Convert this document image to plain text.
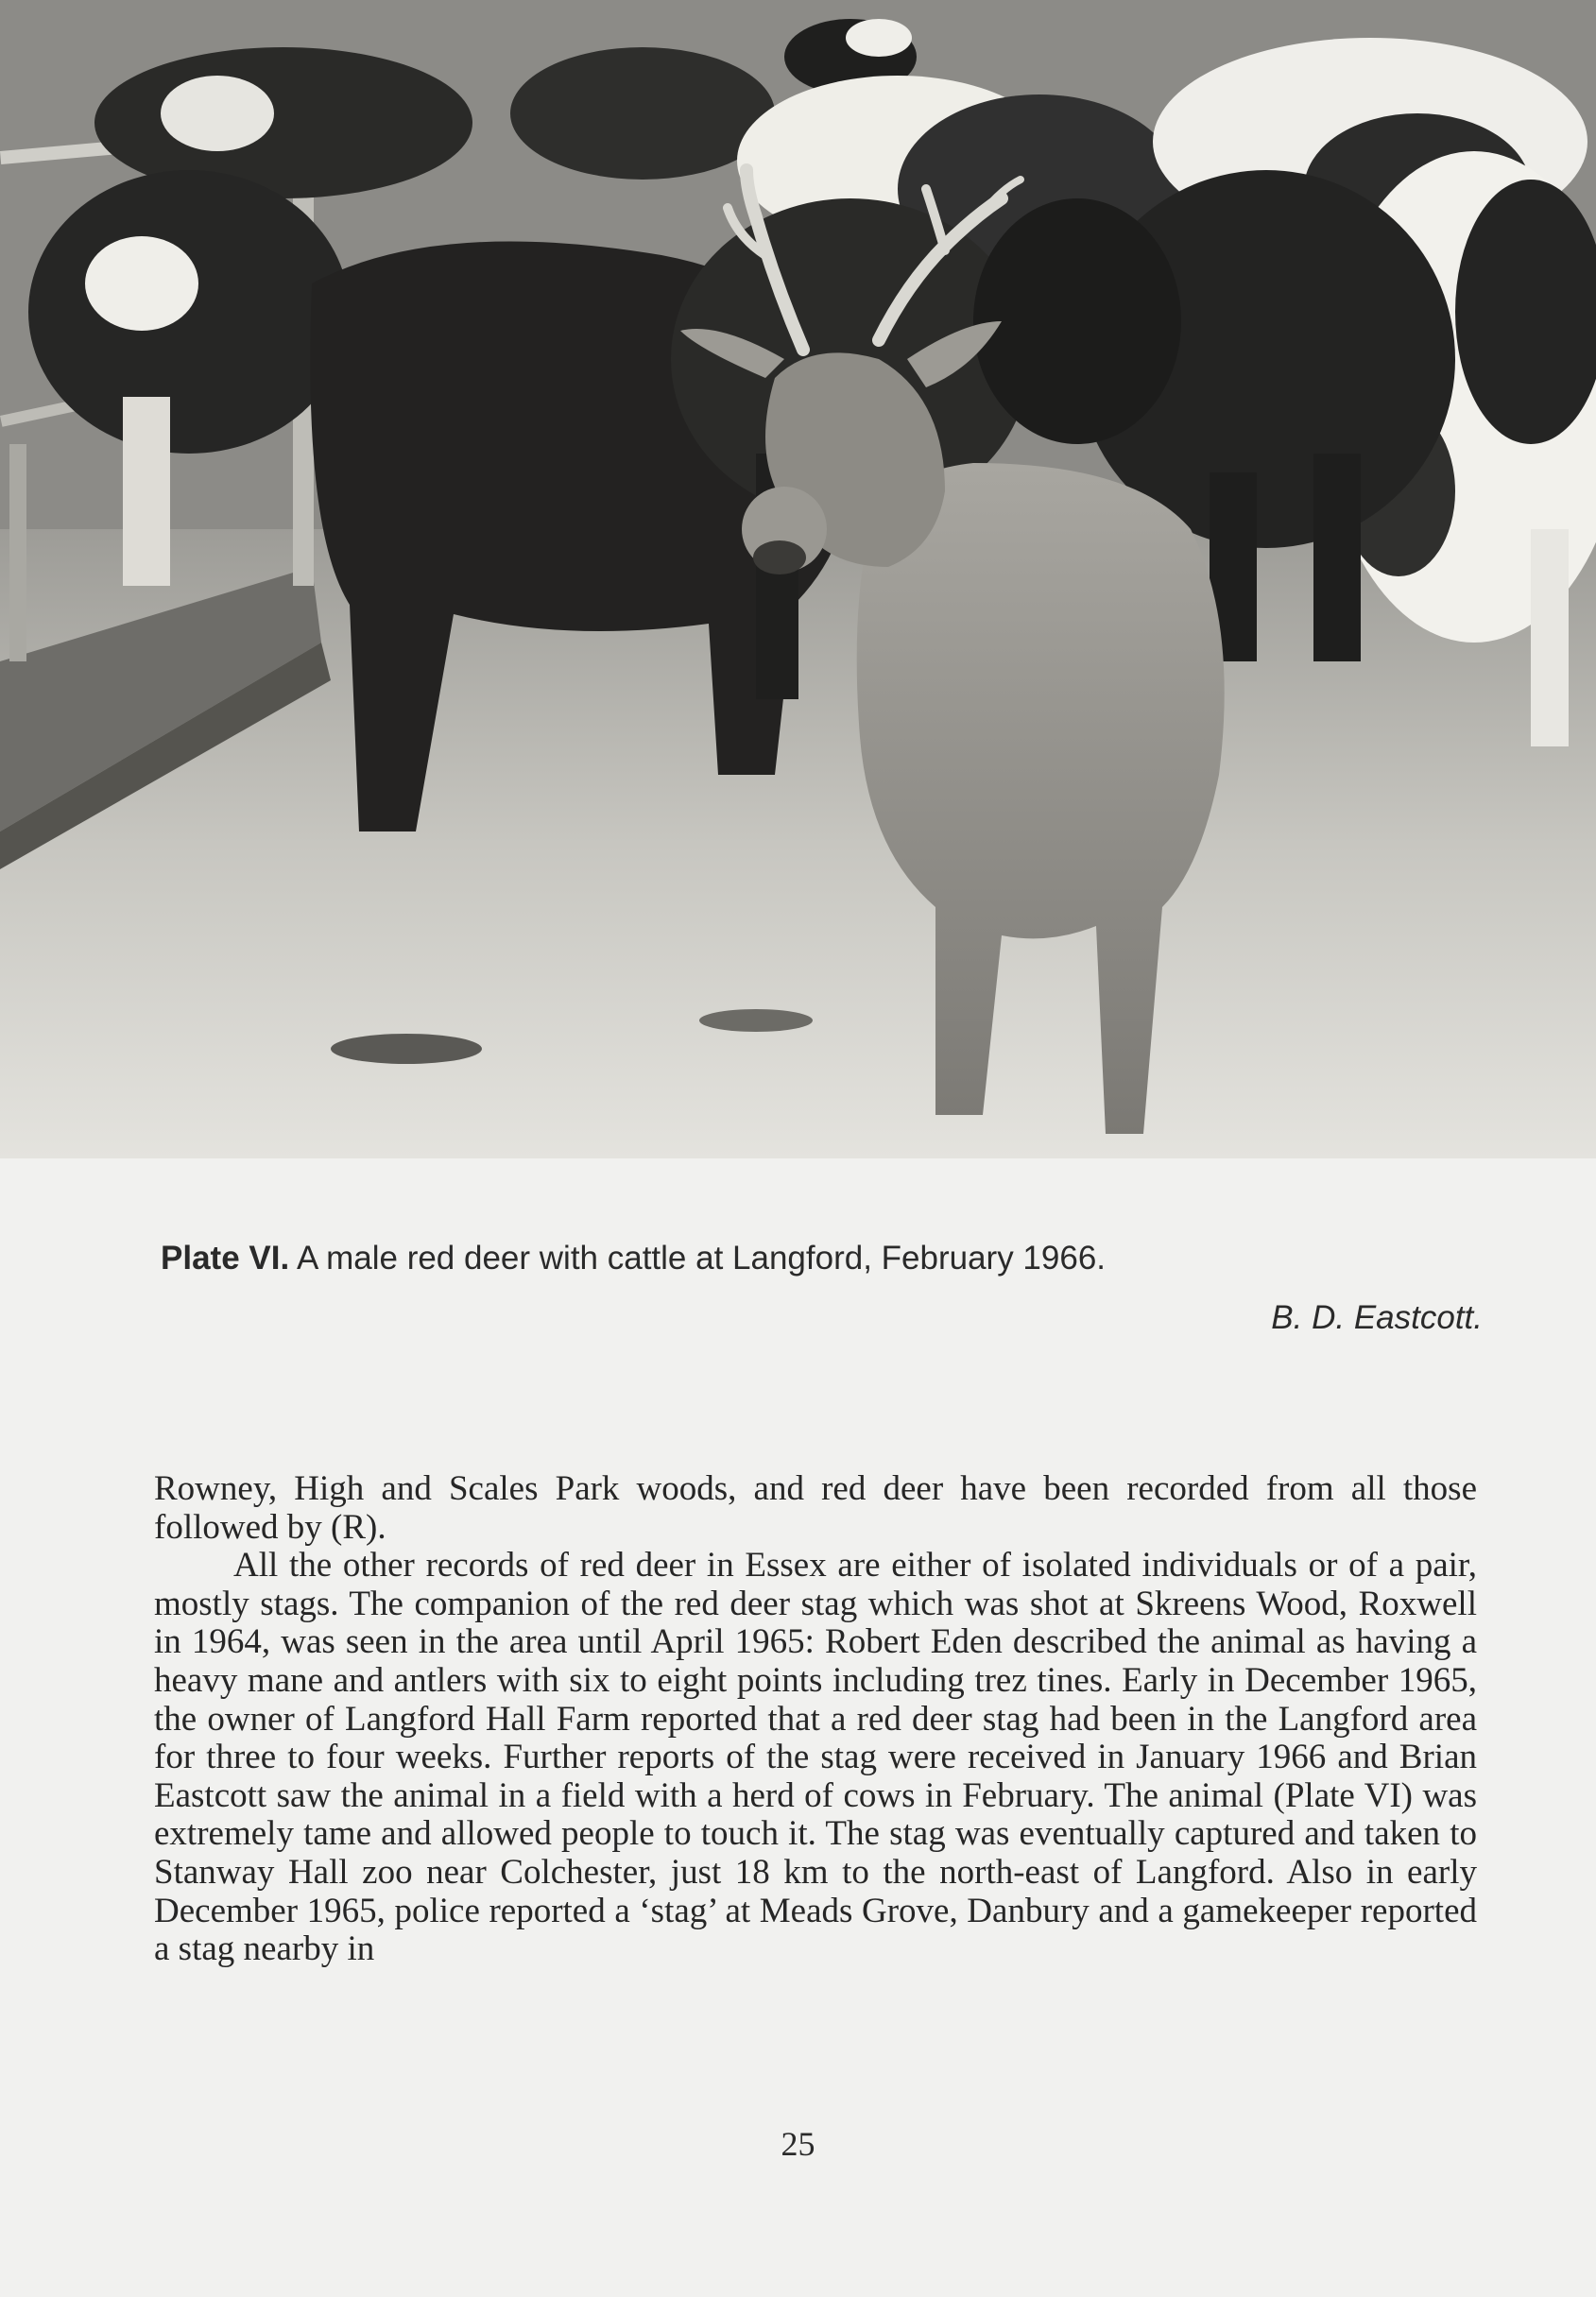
Plate VI. A male red deer with cattle at Langford, February 1966.
B. D. Eastcott.

Rowney, High and Scales Park woods, and red deer have been recorded from all those followed by (R).

All the other records of red deer in Essex are either of isolated individuals or of a pair, mostly stags. The companion of the red deer stag which was shot at Skreens Wood, Roxwell in 1964, was seen in the area until April 1965: Robert Eden described the animal as having a heavy mane and antlers with six to eight points including trez tines. Early in December 1965, the owner of Langford Hall Farm reported that a red deer stag had been in the Langford area for three to four weeks. Further reports of the stag were received in January 1966 and Brian Eastcott saw the animal in a field with a herd of cows in February. The animal (Plate VI) was extremely tame and allowed people to touch it. The stag was eventually captured and taken to Stanway Hall zoo near Colchester, just 18 km to the north-east of Langford. Also in early December 1965, police reported a ‘stag’ at Meads Grove, Danbury and a gamekeeper reported a stag nearby in

25
